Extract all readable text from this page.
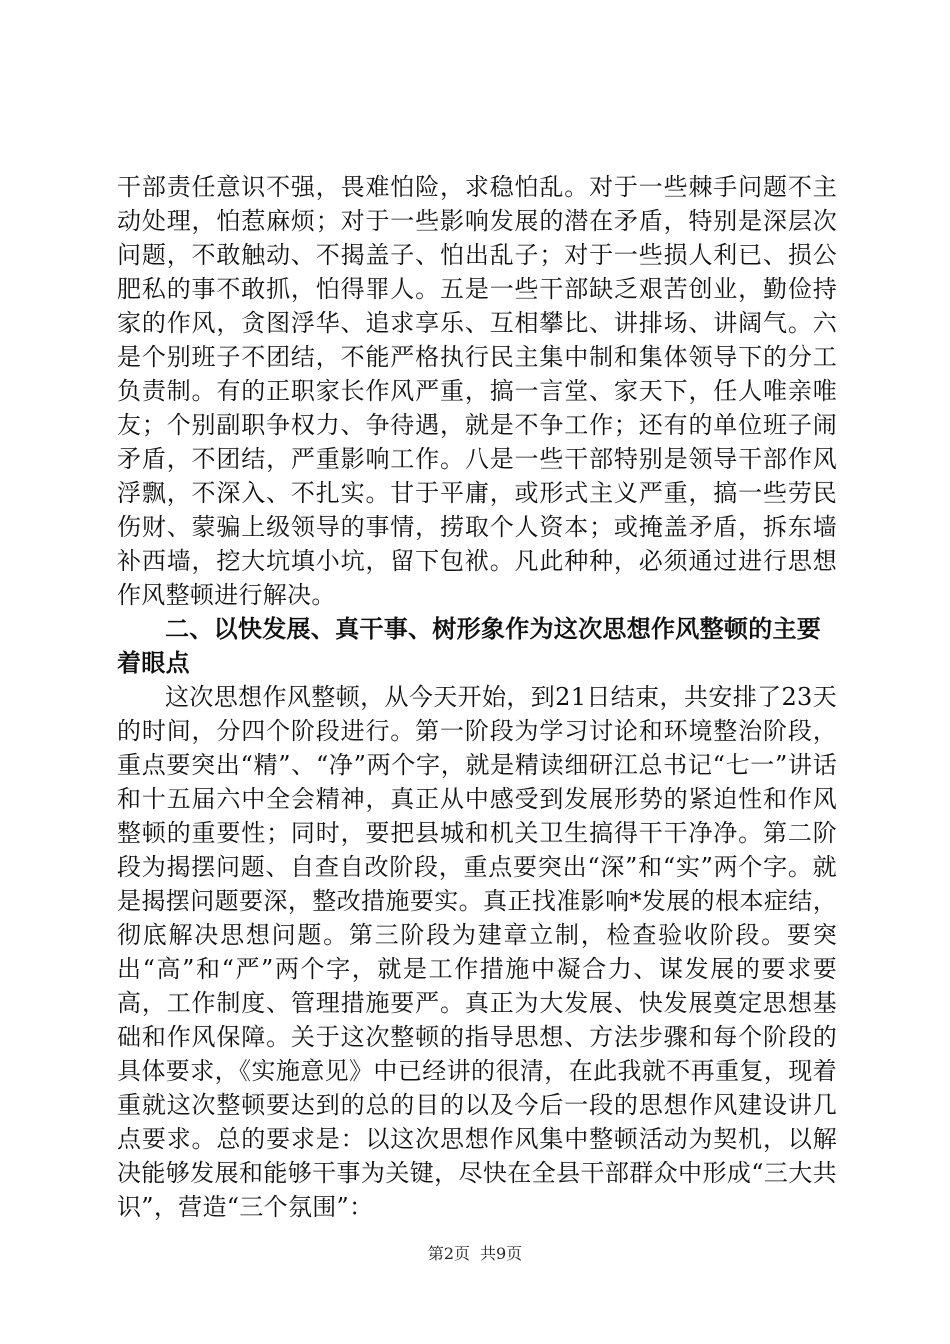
干部责任意识不强，畏难怕险，求稳怕乱。对于一些棘手问题不主动处理，怕惹麻烦；对于一些影响发展的潜在矛盾，特别是深层次问题，不敢触动、不揭盖子、怕出乱子；对于一些损人利已、损公肥私的事不敢抓，怕得罪人。五是一些干部缺乏艰苦创业，勤俭持家的作风，贪图浮华、追求享乐、互相攀比、讲排场、讲阔气。六是个别班子不团结，不能严格执行民主集中制和集体领导下的分工负责制。有的正职家长作风严重，搞一言堂、家天下，任人唯亲唯友；个别副职争权力、争待遇，就是不争工作；还有的单位班子闹矛盾，不团结，严重影响工作。八是一些干部特别是领导干部作风浮飘，不深入、不扎实。甘于平庸，或形式主义严重，搞一些劳民伤财、蒙骗上级领导的事情，捞取个人资本；或掩盖矛盾，拆东墙补西墙，挖大坑填小坑，留下包袱。凡此种种，必须通过进行思想作风整顿进行解决。

二、以快发展、真干事、树形象作为这次思想作风整顿的主要着眼点

这次思想作风整顿，从今天开始，到21日结束，共安排了23天的时间，分四个阶段进行。第一阶段为学习讨论和环境整治阶段，重点要突出“精”、“净”两个字，就是精读细研江总书记“七一”讲话和十五届六中全会精神，真正从中感受到发展形势的紧迫性和作风整顿的重要性；同时，要把县城和机关卫生搞得干干净净。第二阶段为揭摆问题、自查自改阶段，重点要突出“深”和“实”两个字。就是揭摆问题要深，整改措施要实。真正找准影响*发展的根本症结，彻底解决思想问题。第三阶段为建章立制，检查验收阶段。要突出“高”和“严”两个字，就是工作措施中凝合力、谋发展的要求要高，工作制度、管理措施要严。真正为大发展、快发展奠定思想基础和作风保障。关于这次整顿的指导思想、方法步骤和每个阶段的具体要求，《实施意见》中已经讲的很清，在此我就不再重复，现着重就这次整顿要达到的总的目的以及今后一段的思想作风建设讲几点要求。总的要求是：以这次思想作风集中整顿活动为契机，以解决能够发展和能够干事为关键，尽快在全县干部群众中形成“三大共识”，营造“三个氛围”：

第2页 共9页
